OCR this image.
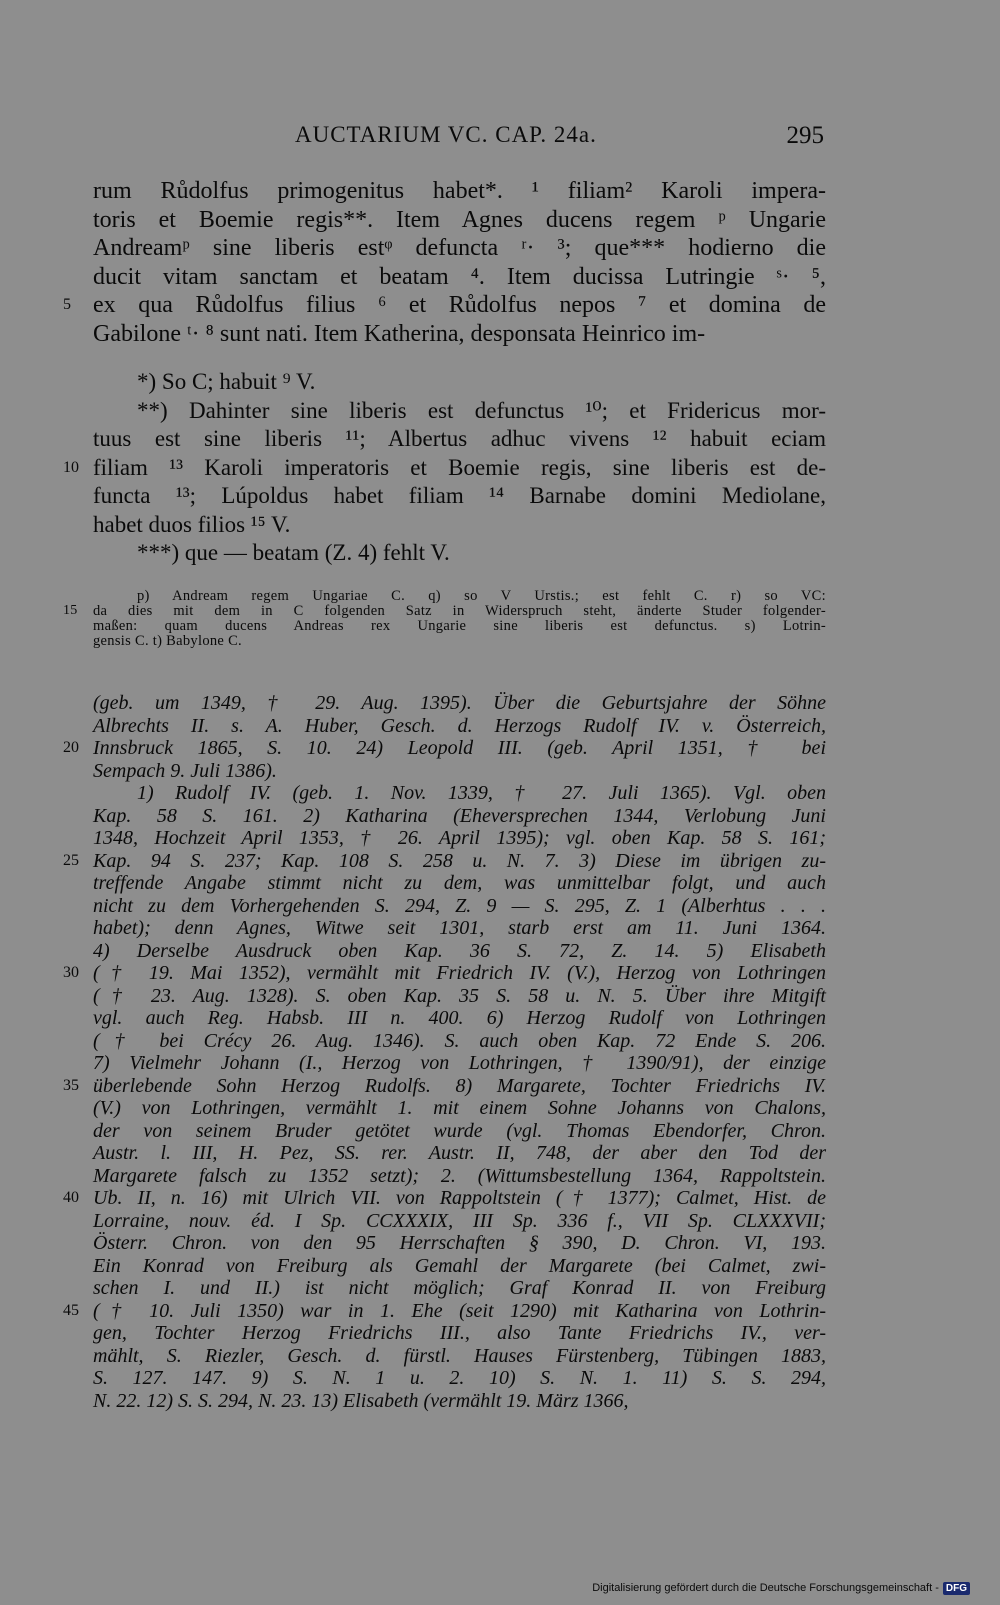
AUCTARIUM VC. CAP. 24a.	295
rum Růdolfus primogenitus habet*. ¹ filiam² Karoli impera-
toris et Boemie regis**. Item Agnes ducens regem ᵖ Ungarie
Andreamᵖ sine liberis estᵠ defuncta ʳ· ³; que*** hodierno die
ducit vitam sanctam et beatam ⁴. Item ducissa Lutringie ˢ· ⁵,
5 ex qua Růdolfus filius ⁶ et Růdolfus nepos ⁷ et domina de
Gabilone ᵗ· ⁸ sunt nati. Item Katherina, desponsata Heinrico im-
*) So C; habuit ⁹ V.
**) Dahinter sine liberis est defunctus ¹⁰; et Fridericus mor-
tuus est sine liberis ¹¹; Albertus adhuc vivens ¹² habuit eciam
10 filiam ¹³ Karoli imperatoris et Boemie regis, sine liberis est de-
functa ¹³; Lúpoldus habet filiam ¹⁴ Barnabe domini Mediolane,
habet duos filios ¹⁵ V.
***) que — beatam (Z. 4) fehlt V.
p) Andream regem Ungariae C. q) so V Urstis.; est fehlt C. r) so VC:
15	da dies mit dem in C folgenden Satz in Widerspruch steht, änderte Studer folgender-
maßen: quam ducens Andreas rex Ungarie sine liberis est defunctus. s) Lotrin-
gensis C. t) Babylone C.
(geb. um 1349, † 29. Aug. 1395). Über die Geburtsjahre der Söhne
Albrechts II. s. A. Huber, Gesch. d. Herzogs Rudolf IV. v. Österreich,
20 Innsbruck 1865, S. 10. 24) Leopold III. (geb. April 1351, † bei
Sempach 9. Juli 1386).
1) Rudolf IV. (geb. 1. Nov. 1339, † 27. Juli 1365). Vgl. oben
Kap. 58 S. 161. 2) Katharina (Eheversprechen 1344, Verlobung Juni
1348, Hochzeit April 1353, † 26. April 1395); vgl. oben Kap. 58 S. 161;
25 Kap. 94 S. 237; Kap. 108 S. 258 u. N. 7. 3) Diese im übrigen zu-
treffende Angabe stimmt nicht zu dem, was unmittelbar folgt, und auch
nicht zu dem Vorhergehenden S. 294, Z. 9 — S. 295, Z. 1 (Alberhtus . . .
habet); denn Agnes, Witwe seit 1301, starb erst am 11. Juni 1364.
4) Derselbe Ausdruck oben Kap. 36 S. 72, Z. 14. 5) Elisabeth
30 († 19. Mai 1352), vermählt mit Friedrich IV. (V.), Herzog von Lothringen
(† 23. Aug. 1328). S. oben Kap. 35 S. 58 u. N. 5. Über ihre Mitgift
vgl. auch Reg. Habsb. III n. 400. 6) Herzog Rudolf von Lothringen
(† bei Crécy 26. Aug. 1346). S. auch oben Kap. 72 Ende S. 206.
7) Vielmehr Johann (I., Herzog von Lothringen, † 1390/91), der einzige
35 überlebende Sohn Herzog Rudolfs. 8) Margarete, Tochter Friedrichs IV.
(V.) von Lothringen, vermählt 1. mit einem Sohne Johanns von Chalons,
der von seinem Bruder getötet wurde (vgl. Thomas Ebendorfer, Chron.
Austr. l. III, H. Pez, SS. rer. Austr. II, 748, der aber den Tod der
Margarete falsch zu 1352 setzt); 2. (Wittumsbestellung 1364, Rappoltstein.
40 Ub. II, n. 16) mit Ulrich VII. von Rappoltstein († 1377); Calmet, Hist. de
Lorraine, nouv. éd. I Sp. CCXXXIX, III Sp. 336 f., VII Sp. CLXXXVII;
Österr. Chron. von den 95 Herrschaften § 390, D. Chron. VI, 193.
Ein Konrad von Freiburg als Gemahl der Margarete (bei Calmet, zwi-
schen I. und II.) ist nicht möglich; Graf Konrad II. von Freiburg
45 († 10. Juli 1350) war in 1. Ehe (seit 1290) mit Katharina von Lothrin-
gen, Tochter Herzog Friedrichs III., also Tante Friedrichs IV., ver-
mählt, S. Riezler, Gesch. d. fürstl. Hauses Fürstenberg, Tübingen 1883,
S. 127. 147. 9) S. N. 1 u. 2. 10) S. N. 1. 11) S. S. 294,
N. 22. 12) S. S. 294, N. 23. 13) Elisabeth (vermählt 19. März 1366,
Digitalisierung gefördert durch die Deutsche Forschungsgemeinschaft - DFG
